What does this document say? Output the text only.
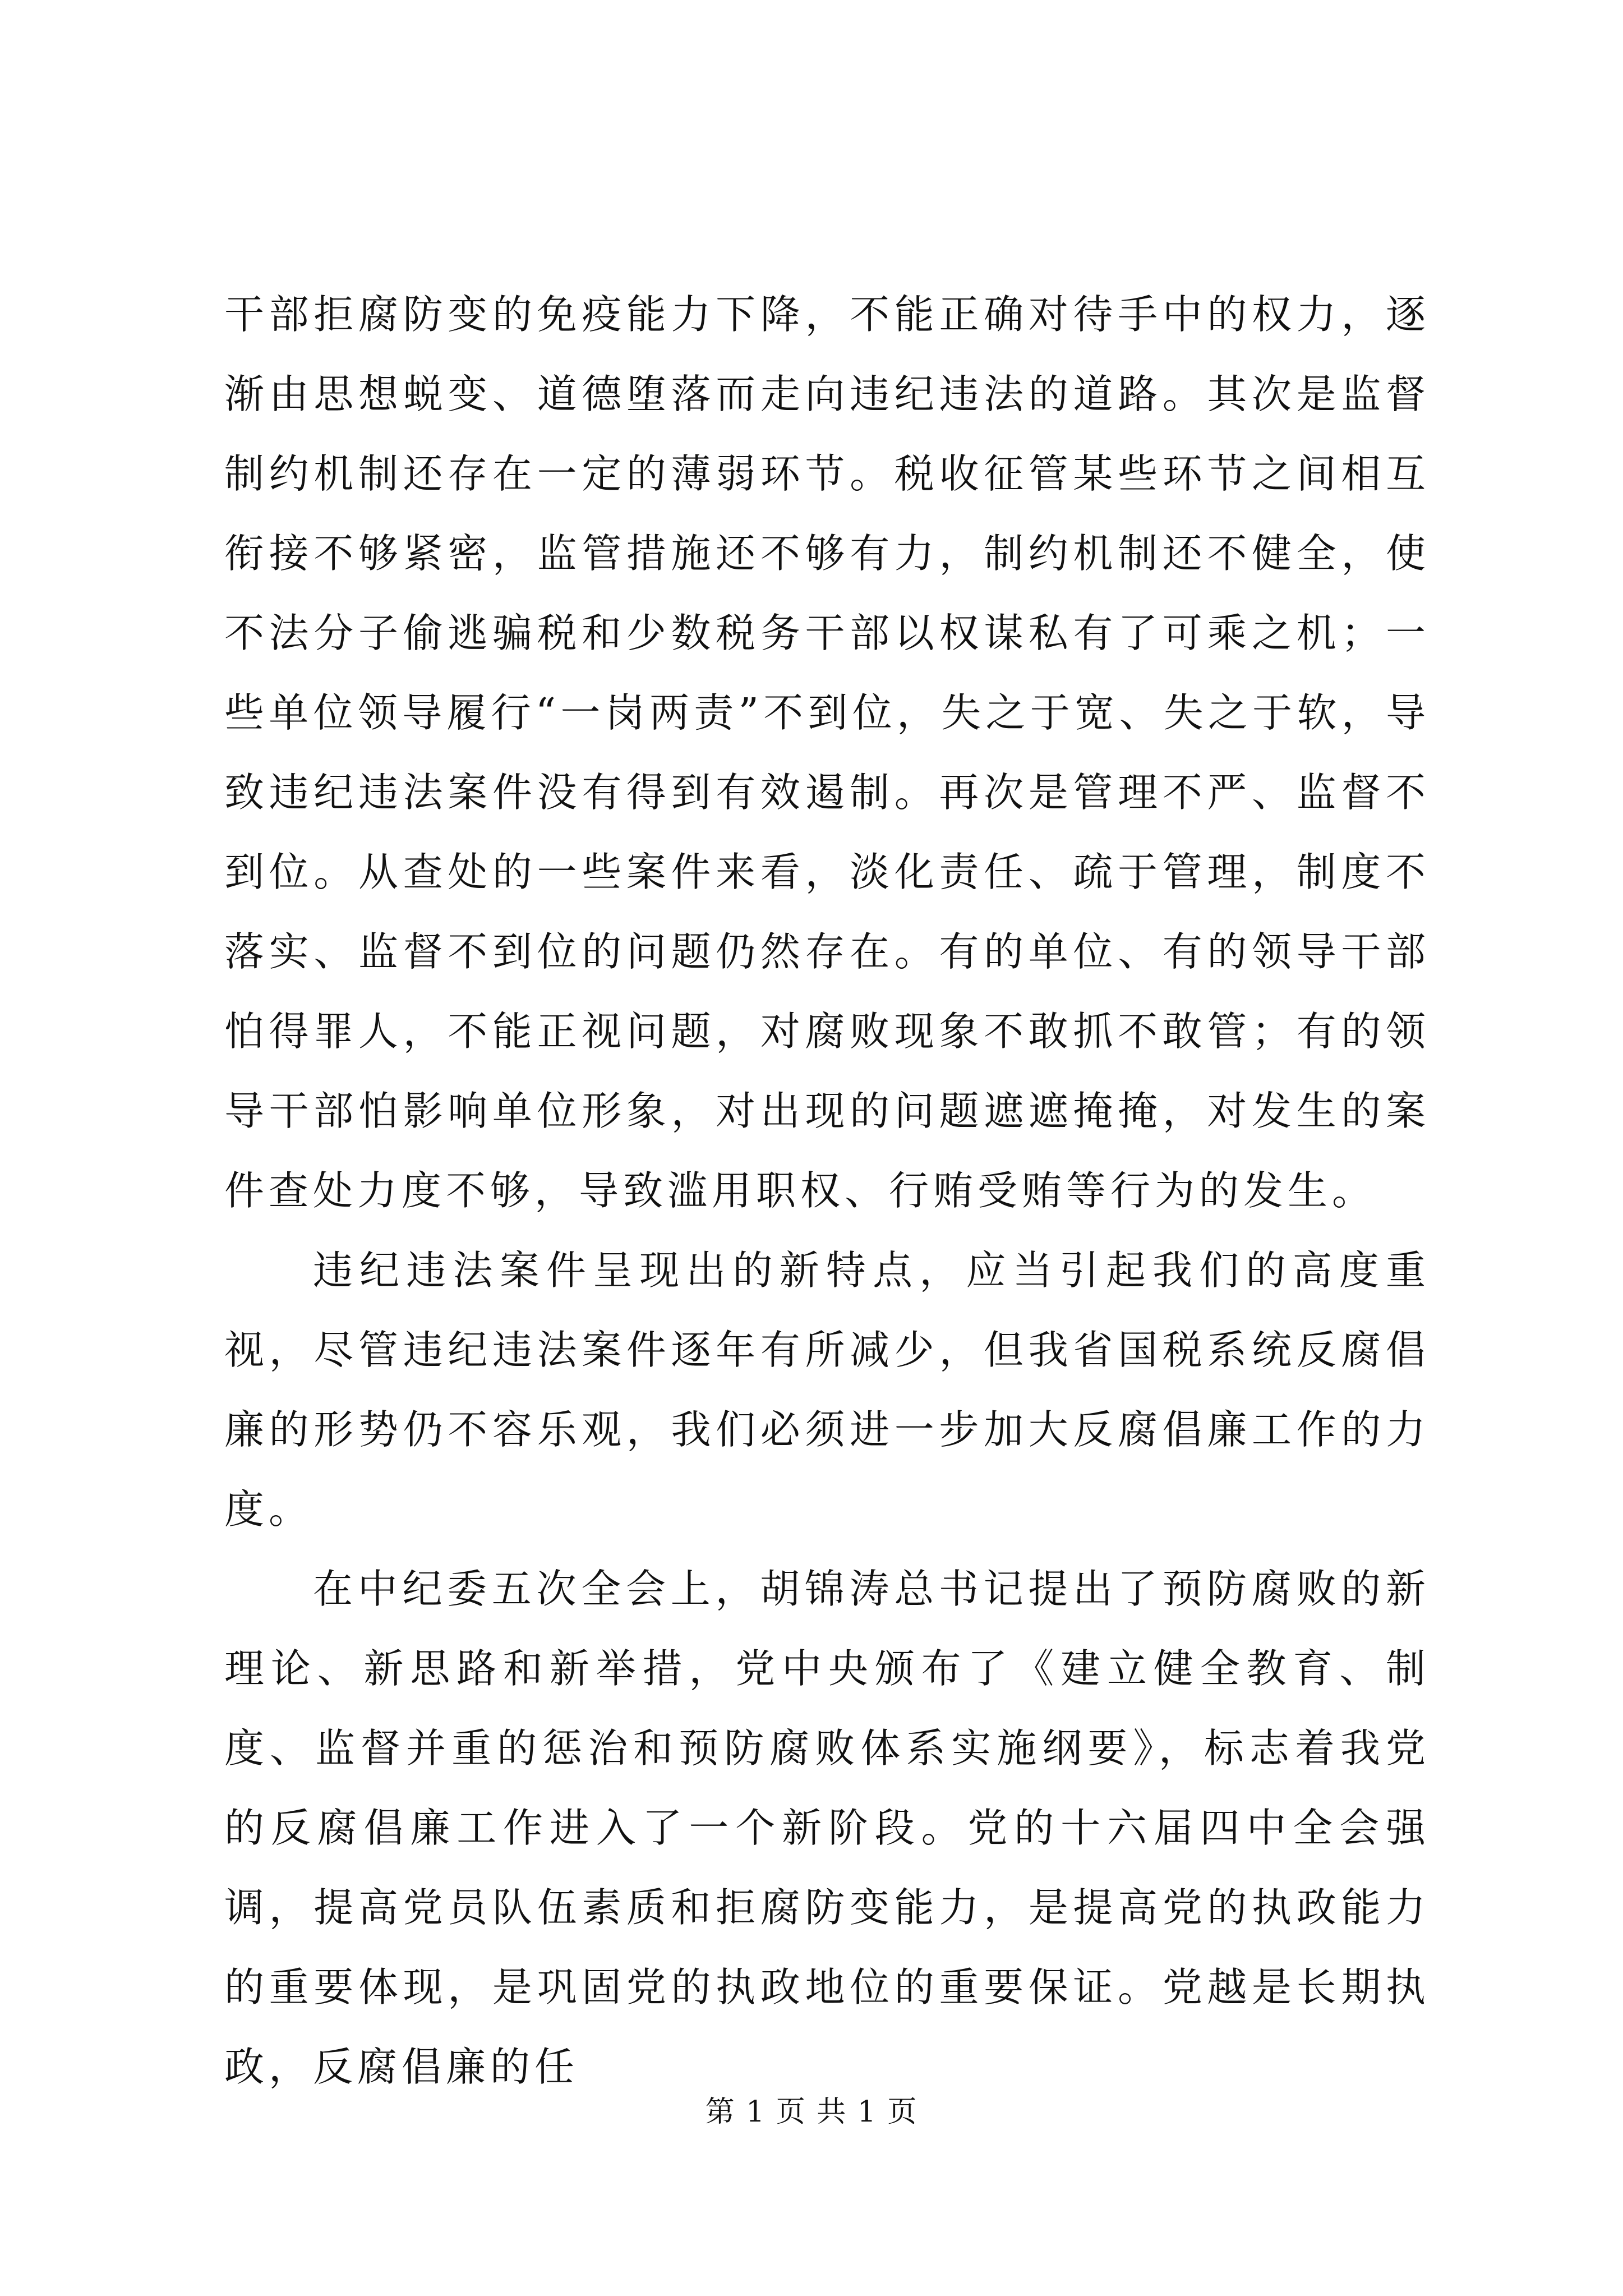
干部拒腐防变的免疫能力下降，不能正确对待手中的权力，逐渐由思想蜕变、道德堕落而走向违纪违法的道路。其次是监督制约机制还存在一定的薄弱环节。税收征管某些环节之间相互衔接不够紧密，监管措施还不够有力，制约机制还不健全，使不法分子偷逃骗税和少数税务干部以权谋私有了可乘之机；一些单位领导履行“一岗两责”不到位，失之于宽、失之于软，导致违纪违法案件没有得到有效遏制。再次是管理不严、监督不到位。从查处的一些案件来看，淡化责任、疏于管理，制度不落实、监督不到位的问题仍然存在。有的单位、有的领导干部怕得罪人，不能正视问题，对腐败现象不敢抓不敢管；有的领导干部怕影响单位形象，对出现的问题遮遮掩掩，对发生的案件查处力度不够，导致滥用职权、行贿受贿等行为的发生。

违纪违法案件呈现出的新特点，应当引起我们的高度重视，尽管违纪违法案件逐年有所减少，但我省国税系统反腐倡廉的形势仍不容乐观，我们必须进一步加大反腐倡廉工作的力度。

在中纪委五次全会上，胡锦涛总书记提出了预防腐败的新理论、新思路和新举措，党中央颁布了《建立健全教育、制度、监督并重的惩治和预防腐败体系实施纲要》，标志着我党的反腐倡廉工作进入了一个新阶段。党的十六届四中全会强调，提高党员队伍素质和拒腐防变能力，是提高党的执政能力的重要体现，是巩固党的执政地位的重要保证。党越是长期执政，反腐倡廉的任

第 1 页 共 1 页
